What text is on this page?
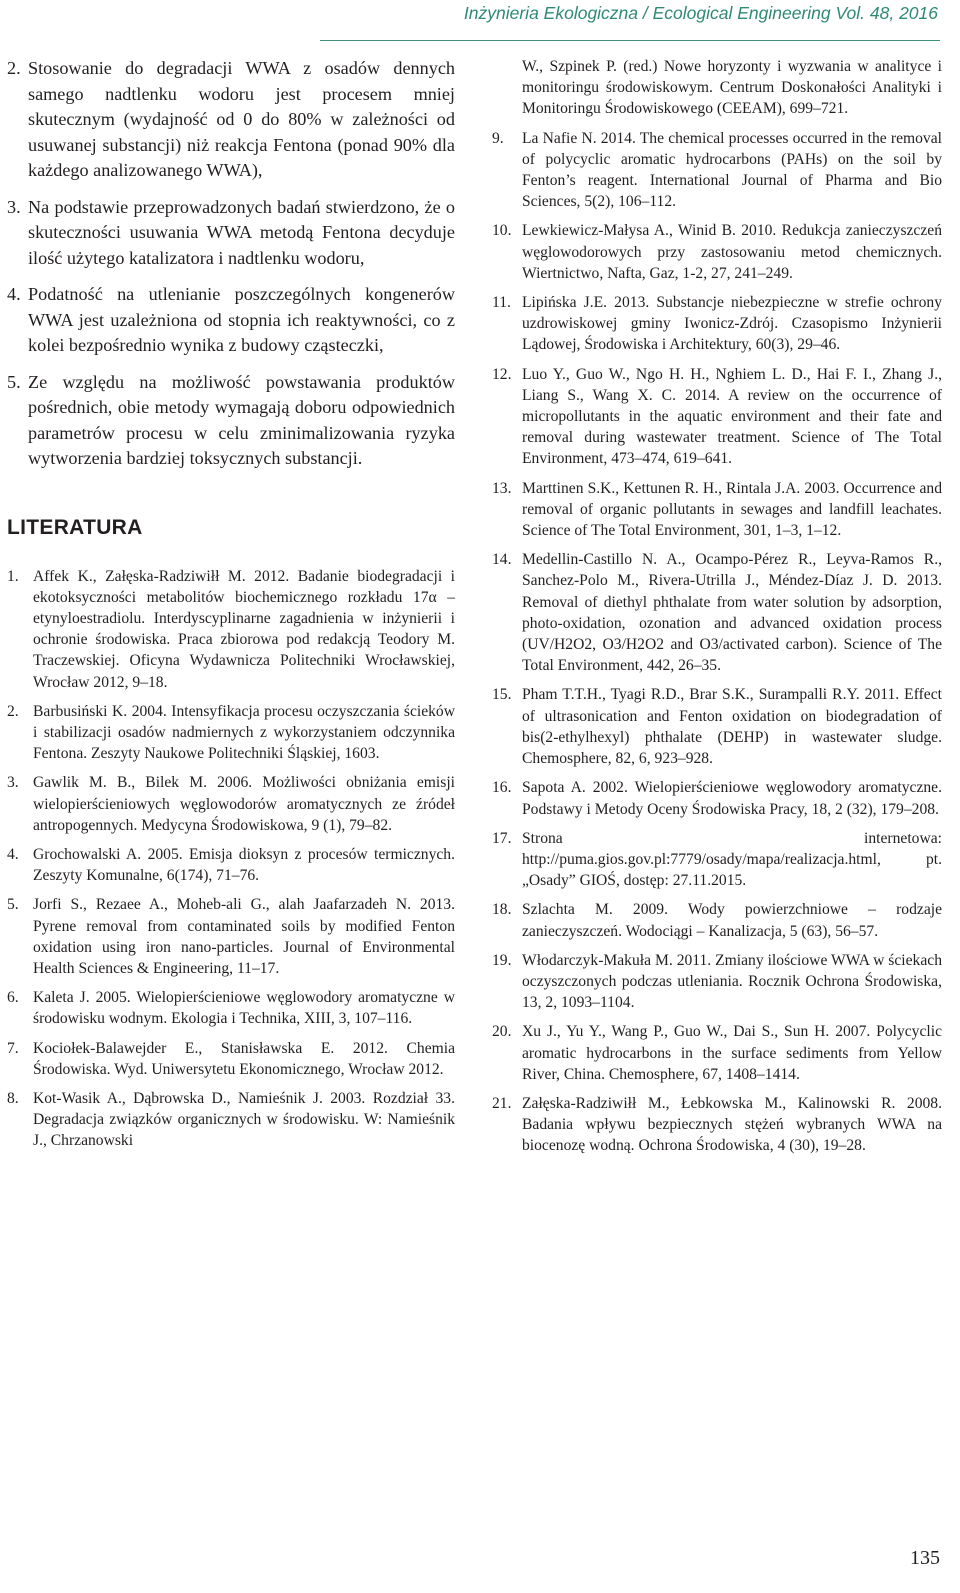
Inżynieria Ekologiczna / Ecological Engineering Vol. 48, 2016
2. Stosowanie do degradacji WWA z osadów dennych samego nadtlenku wodoru jest procesem mniej skutecznym (wydajność od 0 do 80% w zależności od usuwanej substancji) niż reakcja Fentona (ponad 90% dla każdego analizowanego WWA),
3. Na podstawie przeprowadzonych badań stwierdzono, że o skuteczności usuwania WWA metodą Fentona decyduje ilość użytego katalizatora i nadtlenku wodoru,
4. Podatność na utlenianie poszczególnych kongenerów WWA jest uzależniona od stopnia ich reaktywności, co z kolei bezpośrednio wynika z budowy cząsteczki,
5. Ze względu na możliwość powstawania produktów pośrednich, obie metody wymagają doboru odpowiednich parametrów procesu w celu zminimalizowania ryzyka wytworzenia bardziej toksycznych substancji.
LITERATURA
1. Affek K., Załęska-Radziwiłł M. 2012. Badanie biodegradacji i ekotoksyczności metabolitów biochemicznego rozkładu 17α – etynyloestradiolu. Interdyscyplinarne zagadnienia w inżynierii i ochronie środowiska. Praca zbiorowa pod redakcją Teodory M. Traczewskiej. Oficyna Wydawnicza Politechniki Wrocławskiej, Wrocław 2012, 9–18.
2. Barbusiński K. 2004. Intensyfikacja procesu oczyszczania ścieków i stabilizacji osadów nadmiernych z wykorzystaniem odczynnika Fentona. Zeszyty Naukowe Politechniki Śląskiej, 1603.
3. Gawlik M. B., Bilek M. 2006. Możliwości obniżania emisji wielopierścieniowych węglowodorów aromatycznych ze źródeł antropogennych. Medycyna Środowiskowa, 9 (1), 79–82.
4. Grochowalski A. 2005. Emisja dioksyn z procesów termicznych. Zeszyty Komunalne, 6(174), 71–76.
5. Jorfi S., Rezaee A., Moheb-ali G., alah Jaafarzadeh N. 2013. Pyrene removal from contaminated soils by modified Fenton oxidation using iron nano-particles. Journal of Environmental Health Sciences & Engineering, 11–17.
6. Kaleta J. 2005. Wielopierścieniowe węglowodory aromatyczne w środowisku wodnym. Ekologia i Technika, XIII, 3, 107–116.
7. Kociołek-Balawejder E., Stanisławska E. 2012. Chemia Środowiska. Wyd. Uniwersytetu Ekonomicznego, Wrocław 2012.
8. Kot-Wasik A., Dąbrowska D., Namieśnik J. 2003. Rozdział 33. Degradacja związków organicznych w środowisku. W: Namieśnik J., Chrzanowski
W., Szpinek P. (red.) Nowe horyzonty i wyzwania w analityce i monitoringu środowiskowym. Centrum Doskonałości Analityki i Monitoringu Środowiskowego (CEEAM), 699–721.
9. La Nafie N. 2014. The chemical processes occurred in the removal of polycyclic aromatic hydrocarbons (PAHs) on the soil by Fenton’s reagent. International Journal of Pharma and Bio Sciences, 5(2), 106–112.
10. Lewkiewicz-Małysa A., Winid B. 2010. Redukcja zanieczyszczeń węglowodorowych przy zastosowaniu metod chemicznych. Wiertnictwo, Nafta, Gaz, 1-2, 27, 241–249.
11. Lipińska J.E. 2013. Substancje niebezpieczne w strefie ochrony uzdrowiskowej gminy Iwonicz-Zdrój. Czasopismo Inżynierii Lądowej, Środowiska i Architektury, 60(3), 29–46.
12. Luo Y., Guo W., Ngo H. H., Nghiem L. D., Hai F. I., Zhang J., Liang S., Wang X. C. 2014. A review on the occurrence of micropollutants in the aquatic environment and their fate and removal during wastewater treatment. Science of The Total Environment, 473–474, 619–641.
13. Marttinen S.K., Kettunen R. H., Rintala J.A. 2003. Occurrence and removal of organic pollutants in sewages and landfill leachates. Science of The Total Environment, 301, 1–3, 1–12.
14. Medellin-Castillo N. A., Ocampo-Pérez R., Leyva-Ramos R., Sanchez-Polo M., Rivera-Utrilla J., Méndez-Díaz J. D. 2013. Removal of diethyl phthalate from water solution by adsorption, photo-oxidation, ozonation and advanced oxidation process (UV/H2O2, O3/H2O2 and O3/activated carbon). Science of The Total Environment, 442, 26–35.
15. Pham T.T.H., Tyagi R.D., Brar S.K., Surampalli R.Y. 2011. Effect of ultrasonication and Fenton oxidation on biodegradation of bis(2-ethylhexyl) phthalate (DEHP) in wastewater sludge. Chemosphere, 82, 6, 923–928.
16. Sapota A. 2002. Wielopierścieniowe węglowodory aromatyczne. Podstawy i Metody Oceny Środowiska Pracy, 18, 2 (32), 179–208.
17. Strona internetowa: http://puma.gios.gov.pl:7779/osady/mapa/realizacja.html, pt. „Osady” GIOŚ, dostęp: 27.11.2015.
18. Szlachta M. 2009. Wody powierzchniowe – rodzaje zanieczyszczeń. Wodociągi – Kanalizacja, 5 (63), 56–57.
19. Włodarczyk-Makuła M. 2011. Zmiany ilościowe WWA w ściekach oczyszczonych podczas utleniania. Rocznik Ochrona Środowiska, 13, 2, 1093–1104.
20. Xu J., Yu Y., Wang P., Guo W., Dai S., Sun H. 2007. Polycyclic aromatic hydrocarbons in the surface sediments from Yellow River, China. Chemosphere, 67, 1408–1414.
21. Załęska-Radziwiłł M., Łebkowska M., Kalinowski R. 2008. Badania wpływu bezpiecznych stężeń wybranych WWA na biocenozę wodną. Ochrona Środowiska, 4 (30), 19–28.
135
